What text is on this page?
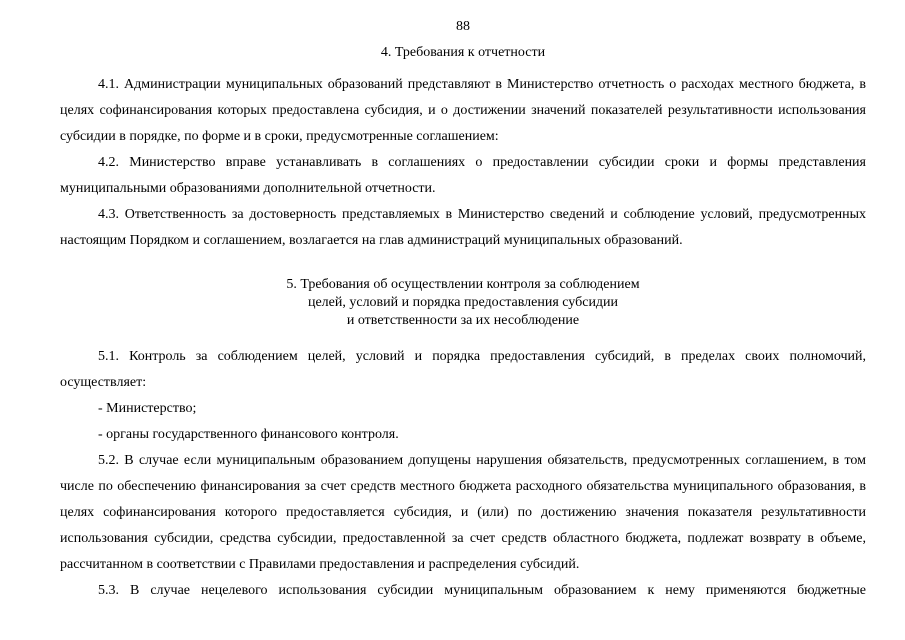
88

4. Требования к отчетности

4.1. Администрации муниципальных образований представляют в Министерство отчетность о расходах местного бюджета, в целях софинансирования которых предоставлена субсидия, и о достижении значений показателей результативности использования субсидии в порядке, по форме и в сроки, предусмотренные соглашением:

4.2. Министерство вправе устанавливать в соглашениях о предоставлении субсидии сроки и формы представления муниципальными образованиями дополнительной отчетности.

4.3. Ответственность за достоверность представляемых в Министерство сведений и соблюдение условий, предусмотренных настоящим Порядком и соглашением, возлагается на глав администраций муниципальных образований.

5. Требования об осуществлении контроля за соблюдением
целей, условий и порядка предоставления субсидии
и ответственности за их несоблюдение

5.1. Контроль за соблюдением целей, условий и порядка предоставления субсидий, в пределах своих полномочий, осуществляет:

- Министерство;

- органы государственного финансового контроля.

5.2. В случае если муниципальным образованием допущены нарушения обязательств, предусмотренных соглашением, в том числе по обеспечению финансирования за счет средств местного бюджета расходного обязательства муниципального образования, в целях софинансирования которого предоставляется субсидия, и (или) по достижению значения показателя результативности использования субсидии, средства субсидии, предоставленной за счет средств областного бюджета, подлежат возврату в объеме, рассчитанном в соответствии с Правилами предоставления и распределения субсидий.

5.3. В случае нецелевого использования субсидии муниципальным образованием к нему применяются бюджетные
